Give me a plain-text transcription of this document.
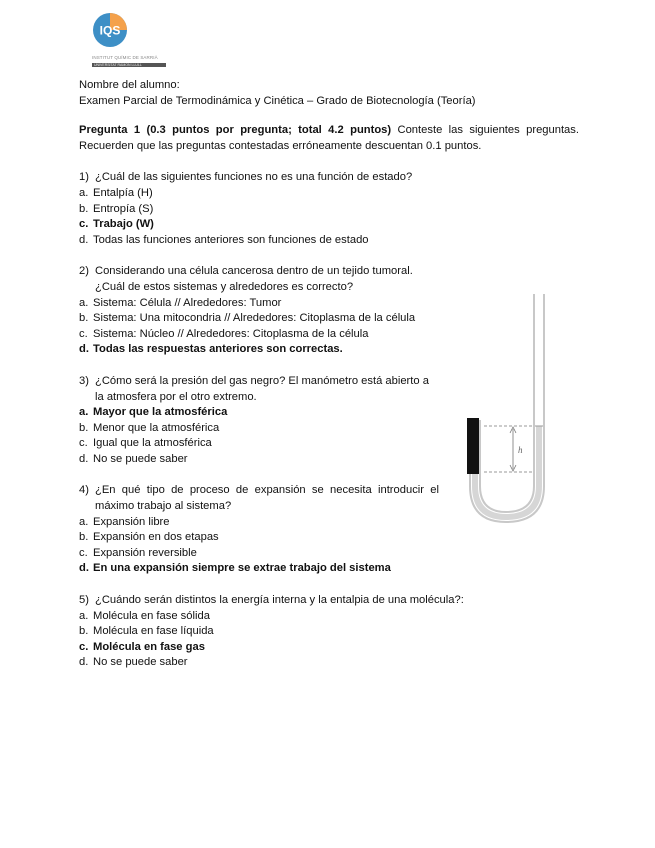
IQS
INSTITUT QUÍMIC DE SARRIÀ
UNIVERSITAT RAMON LLULL

Nombre del alumno:

Examen Parcial de Termodinámica y Cinética – Grado de Biotecnología (Teoría)

Pregunta 1 (0.3 puntos por pregunta; total 4.2 puntos) Conteste las siguientes preguntas. Recuerden que las preguntas contestadas erróneamente descuentan 0.1 puntos.

1) ¿Cuál de las siguientes funciones no es una función de estado?
a. Entalpía (H)
b. Entropía (S)
c. Trabajo (W)
d. Todas las funciones anteriores son funciones de estado
2) Considerando una célula cancerosa dentro de un tejido tumoral. ¿Cuál de estos sistemas y alrededores es correcto?
a. Sistema: Célula // Alrededores: Tumor
b. Sistema: Una mitocondria // Alrededores: Citoplasma de la célula
c. Sistema: Núcleo // Alrededores: Citoplasma de la célula
d. Todas las respuestas anteriores son correctas.
3) ¿Cómo será la presión del gas negro? El manómetro está abierto a la atmosfera por el otro extremo.
a. Mayor que la atmosférica
b. Menor que la atmosférica
c. Igual que la atmosférica
d. No se puede saber
4) ¿En qué tipo de proceso de expansión se necesita introducir el máximo trabajo al sistema?
a. Expansión libre
b. Expansión en dos etapas
c. Expansión reversible
d. En una expansión siempre se extrae trabajo del sistema
5) ¿Cuándo serán distintos la energía interna y la entalpia de una molécula?:
a. Molécula en fase sólida
b. Molécula en fase líquida
c. Molécula en fase gas
d. No se puede saber
h
